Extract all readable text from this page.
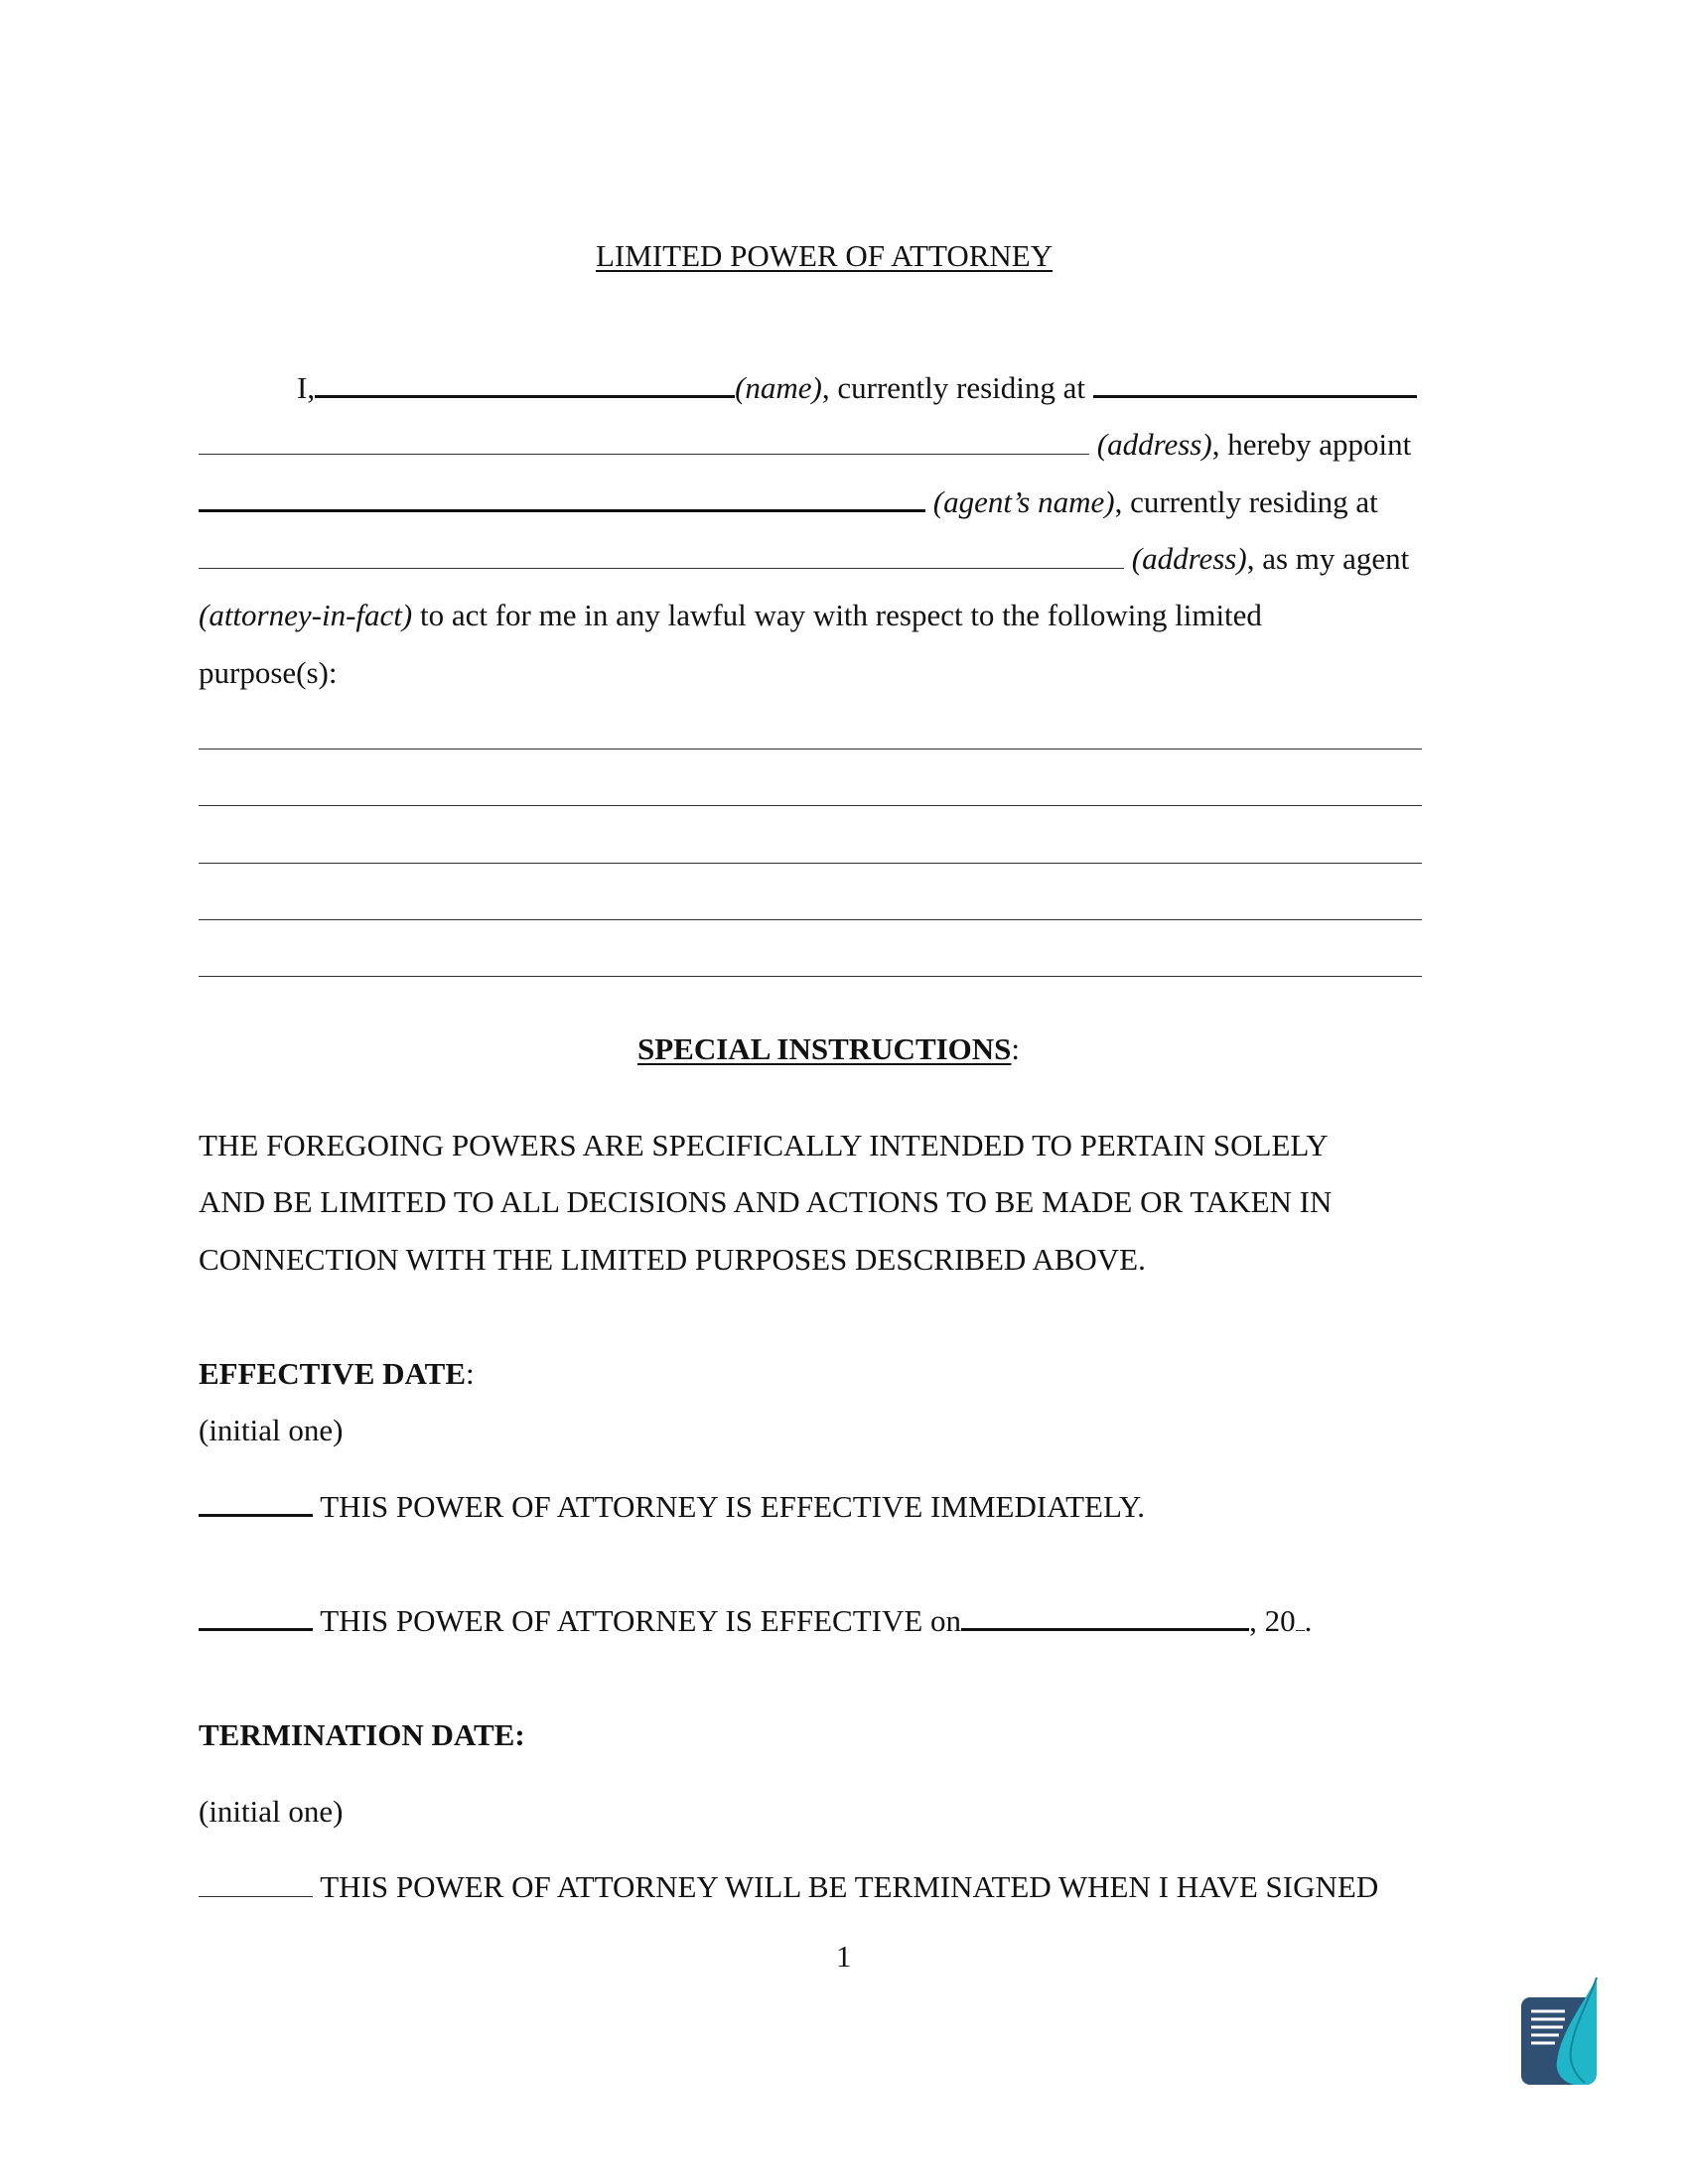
LIMITED POWER OF ATTORNEY
I,	(name), currently residing at
(address), hereby appoint
(agent’s name), currently residing at
(address), as my agent
(attorney-in-fact) to act for me in any lawful way with respect to the following limited
purpose(s):
SPECIAL INSTRUCTIONS:
THE FOREGOING POWERS ARE SPECIFICALLY INTENDED TO PERTAIN SOLELY
AND BE LIMITED TO ALL DECISIONS AND ACTIONS TO BE MADE OR TAKEN IN
CONNECTION WITH THE LIMITED PURPOSES DESCRIBED ABOVE.
EFFECTIVE DATE:
(initial one)
THIS POWER OF ATTORNEY IS EFFECTIVE IMMEDIATELY.
THIS POWER OF ATTORNEY IS EFFECTIVE on	, 20 .
TERMINATION DATE:
(initial one)
THIS POWER OF ATTORNEY WILL BE TERMINATED WHEN I HAVE SIGNED
1
